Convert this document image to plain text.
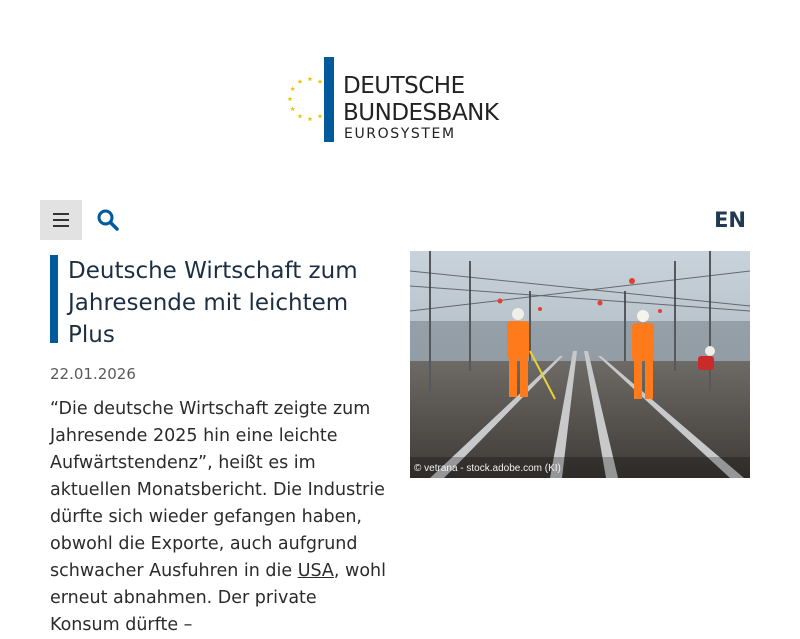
DEUTSCHE
BUNDESBANK
EUROSYSTEM
EN
Deutsche Wirtschaft zum Jahresende mit leichtem Plus
22.01.2026

“Die deutsche Wirtschaft zeigte zum Jahresende 2025 hin eine leichte Aufwärtstendenz”, heißt es im aktuellen Monatsbericht. Die Industrie dürfte sich wieder gefangen haben, obwohl die Exporte, auch aufgrund schwacher Ausfuhren in die USA, wohl erneut abnahmen. Der private Konsum dürfte –

© vetrana - stock.adobe.com (KI)
